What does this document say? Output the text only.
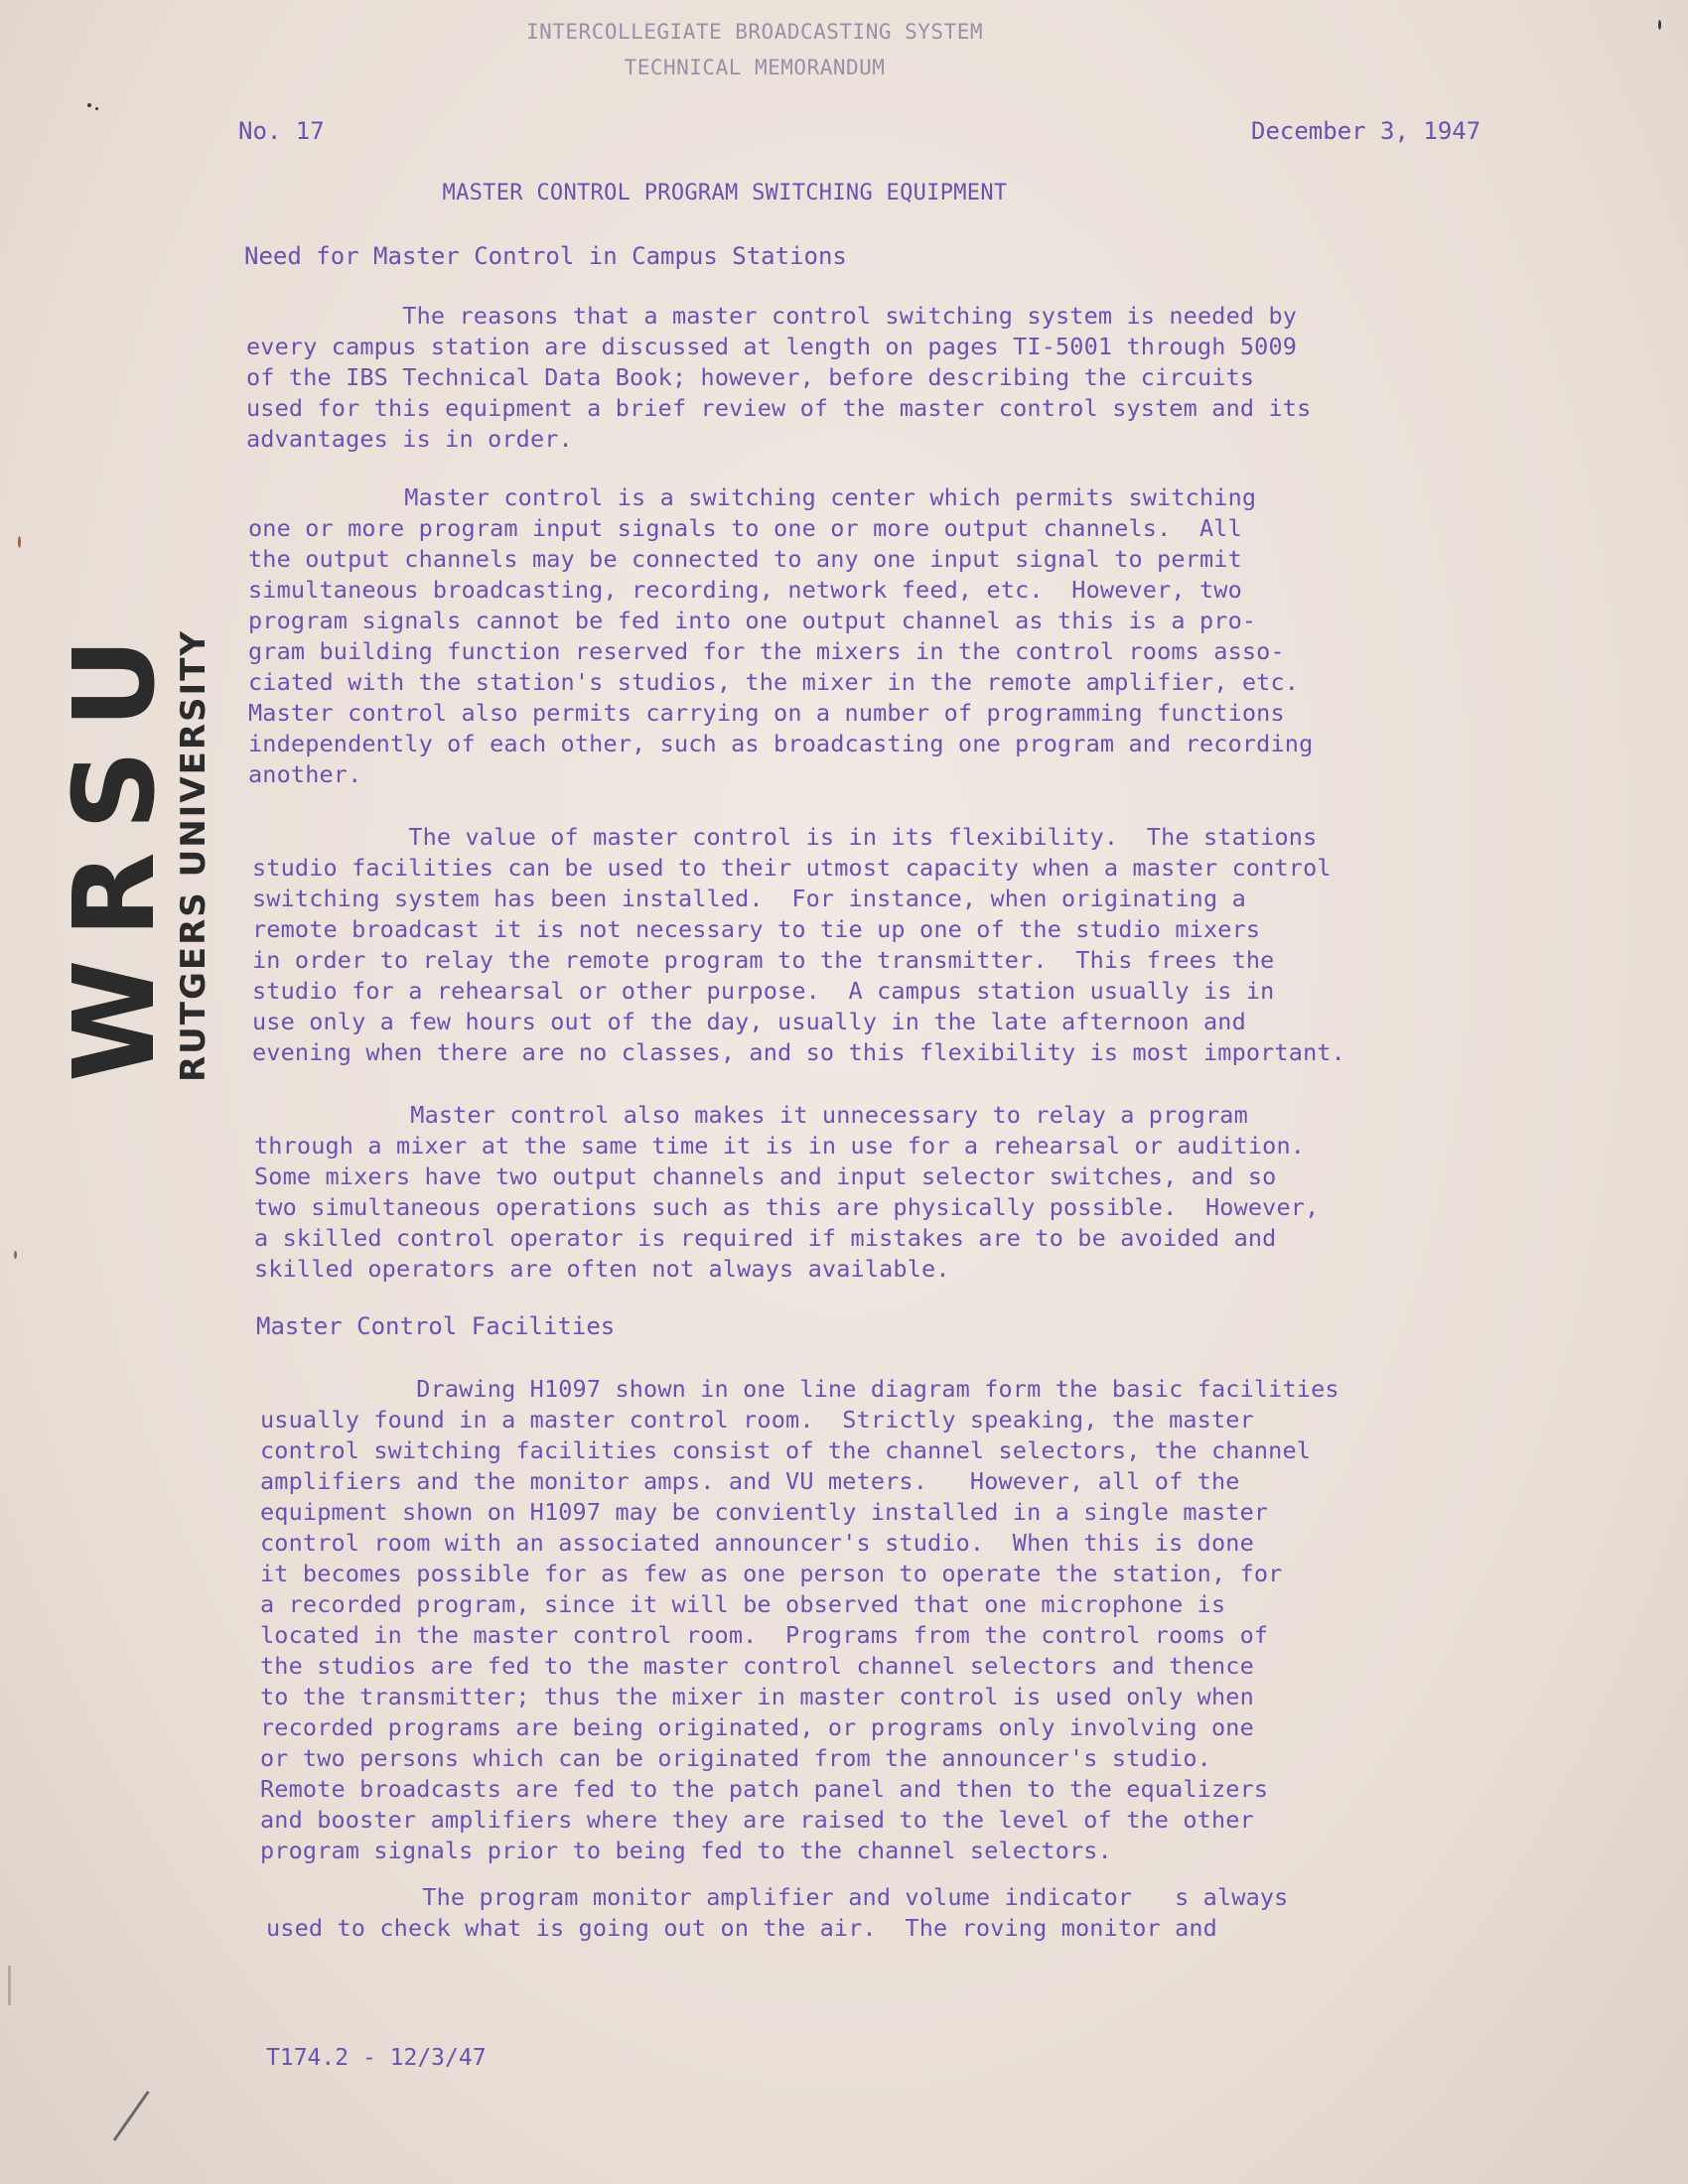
INTERCOLLEGIATE BROADCASTING SYSTEM
TECHNICAL MEMORANDUM
No. 17	December 3, 1947
MASTER CONTROL PROGRAM SWITCHING EQUIPMENT
Need for Master Control in Campus Stations
The reasons that a master control switching system is needed by
every campus station are discussed at length on pages TI-5001 through 5009
of the IBS Technical Data Book; however, before describing the circuits
used for this equipment a brief review of the master control system and its
advantages is in order.
Master control is a switching center which permits switching
one or more program input signals to one or more output channels.  All
the output channels may be connected to any one input signal to permit
simultaneous broadcasting, recording, network feed, etc.  However, two
program signals cannot be fed into one output channel as this is a pro-
gram building function reserved for the mixers in the control rooms asso-
ciated with the station's studios, the mixer in the remote amplifier, etc.
Master control also permits carrying on a number of programming functions
independently of each other, such as broadcasting one program and recording
another.
The value of master control is in its flexibility.  The stations
studio facilities can be used to their utmost capacity when a master control
switching system has been installed.  For instance, when originating a
remote broadcast it is not necessary to tie up one of the studio mixers
in order to relay the remote program to the transmitter.  This frees the
studio for a rehearsal or other purpose.  A campus station usually is in
use only a few hours out of the day, usually in the late afternoon and
evening when there are no classes, and so this flexibility is most important.
Master control also makes it unnecessary to relay a program
through a mixer at the same time it is in use for a rehearsal or audition.
Some mixers have two output channels and input selector switches, and so
two simultaneous operations such as this are physically possible.  However,
a skilled control operator is required if mistakes are to be avoided and
skilled operators are often not always available.
Master Control Facilities
Drawing H1097 shown in one line diagram form the basic facilities
usually found in a master control room.  Strictly speaking, the master
control switching facilities consist of the channel selectors, the channel
amplifiers and the monitor amps. and VU meters.   However, all of the
equipment shown on H1097 may be conviently installed in a single master
control room with an associated announcer's studio.  When this is done
it becomes possible for as few as one person to operate the station, for
a recorded program, since it will be observed that one microphone is
located in the master control room.  Programs from the control rooms of
the studios are fed to the master control channel selectors and thence
to the transmitter; thus the mixer in master control is used only when
recorded programs are being originated, or programs only involving one
or two persons which can be originated from the announcer's studio.
Remote broadcasts are fed to the patch panel and then to the equalizers
and booster amplifiers where they are raised to the level of the other
program signals prior to being fed to the channel selectors.
The program monitor amplifier and volume indicator   s always
used to check what is going out on the air.  The roving monitor and
T174.2 - 12/3/47
WRSU
RUTGERS UNIVERSITY
